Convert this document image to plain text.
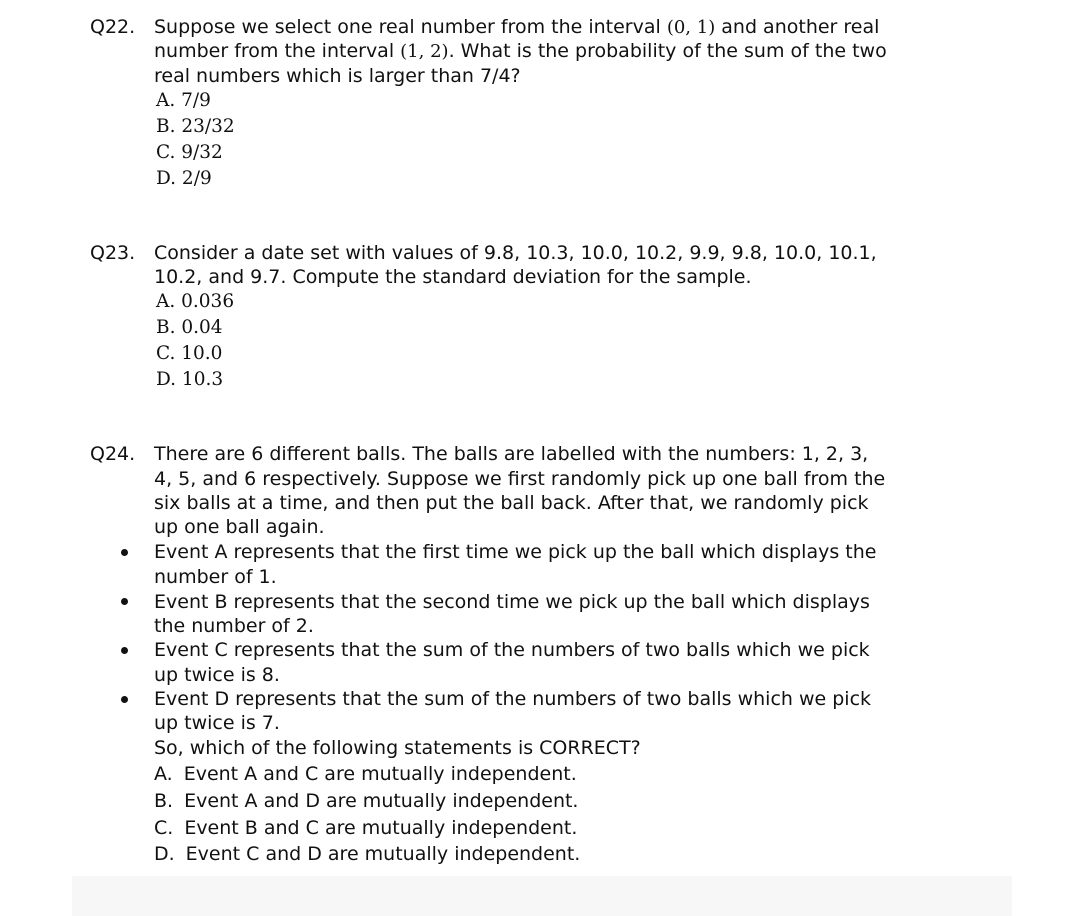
Q22. Suppose we select one real number from the interval (0, 1) and another real
number from the interval (1, 2). What is the probability of the sum of the two
real numbers which is larger than 7/4?
A. 7/9
B. 23/32
C. 9/32
D. 2/9
Q23. Consider a date set with values of 9.8, 10.3, 10.0, 10.2, 9.9, 9.8, 10.0, 10.1,
10.2, and 9.7. Compute the standard deviation for the sample.
A. 0.036
B. 0.04
C. 10.0
D. 10.3
Q24. There are 6 different balls. The balls are labelled with the numbers: 1, 2, 3,
4, 5, and 6 respectively. Suppose we first randomly pick up one ball from the
six balls at a time, and then put the ball back. After that, we randomly pick
up one ball again.
Event A represents that the first time we pick up the ball which displays the
number of 1.
Event B represents that the second time we pick up the ball which displays
the number of 2.
Event C represents that the sum of the numbers of two balls which we pick
up twice is 8.
Event D represents that the sum of the numbers of two balls which we pick
up twice is 7.
So, which of the following statements is CORRECT?
A. Event A and C are mutually independent.
B. Event A and D are mutually independent.
C. Event B and C are mutually independent.
D. Event C and D are mutually independent.
